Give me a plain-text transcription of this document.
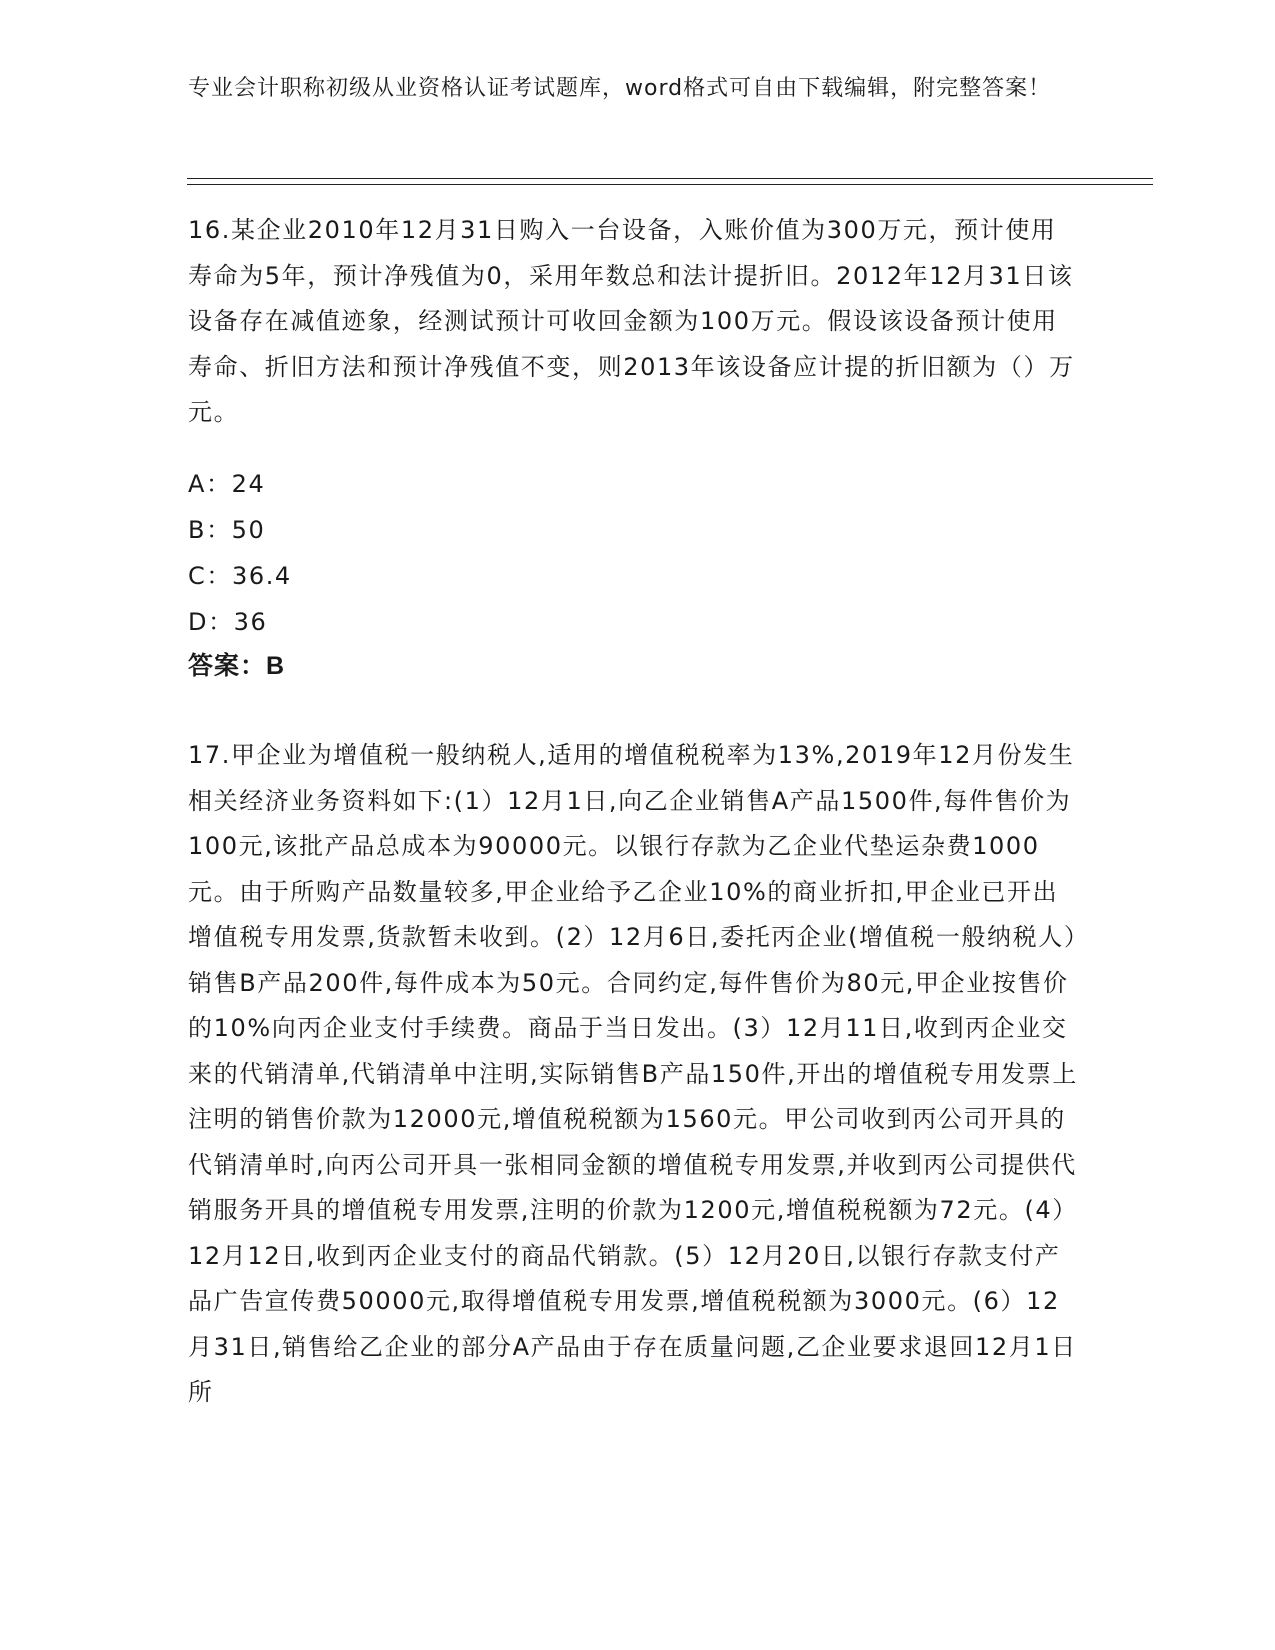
专业会计职称初级从业资格认证考试题库，word格式可自由下载编辑，附完整答案！
16.某企业2010年12月31日购入一台设备，入账价值为300万元，预计使用寿命为5年，预计净残值为0，采用年数总和法计提折旧。2012年12月31日该设备存在减值迹象，经测试预计可收回金额为100万元。假设该设备预计使用寿命、折旧方法和预计净残值不变，则2013年该设备应计提的折旧额为（）万元。
A：24
B：50
C：36.4
D：36
答案：B
17.甲企业为增值税一般纳税人,适用的增值税税率为13%,2019年12月份发生相关经济业务资料如下:(1）12月1日,向乙企业销售A产品1500件,每件售价为100元,该批产品总成本为90000元。以银行存款为乙企业代垫运杂费1000元。由于所购产品数量较多,甲企业给予乙企业10%的商业折扣,甲企业已开出增值税专用发票,货款暂未收到。(2）12月6日,委托丙企业(增值税一般纳税人）销售B产品200件,每件成本为50元。合同约定,每件售价为80元,甲企业按售价的10%向丙企业支付手续费。商品于当日发出。(3）12月11日,收到丙企业交来的代销清单,代销清单中注明,实际销售B产品150件,开出的增值税专用发票上注明的销售价款为12000元,增值税税额为1560元。甲公司收到丙公司开具的代销清单时,向丙公司开具一张相同金额的增值税专用发票,并收到丙公司提供代销服务开具的增值税专用发票,注明的价款为1200元,增值税税额为72元。(4）12月12日,收到丙企业支付的商品代销款。(5）12月20日,以银行存款支付产品广告宣传费50000元,取得增值税专用发票,增值税税额为3000元。(6）12月31日,销售给乙企业的部分A产品由于存在质量问题,乙企业要求退回12月1日所
